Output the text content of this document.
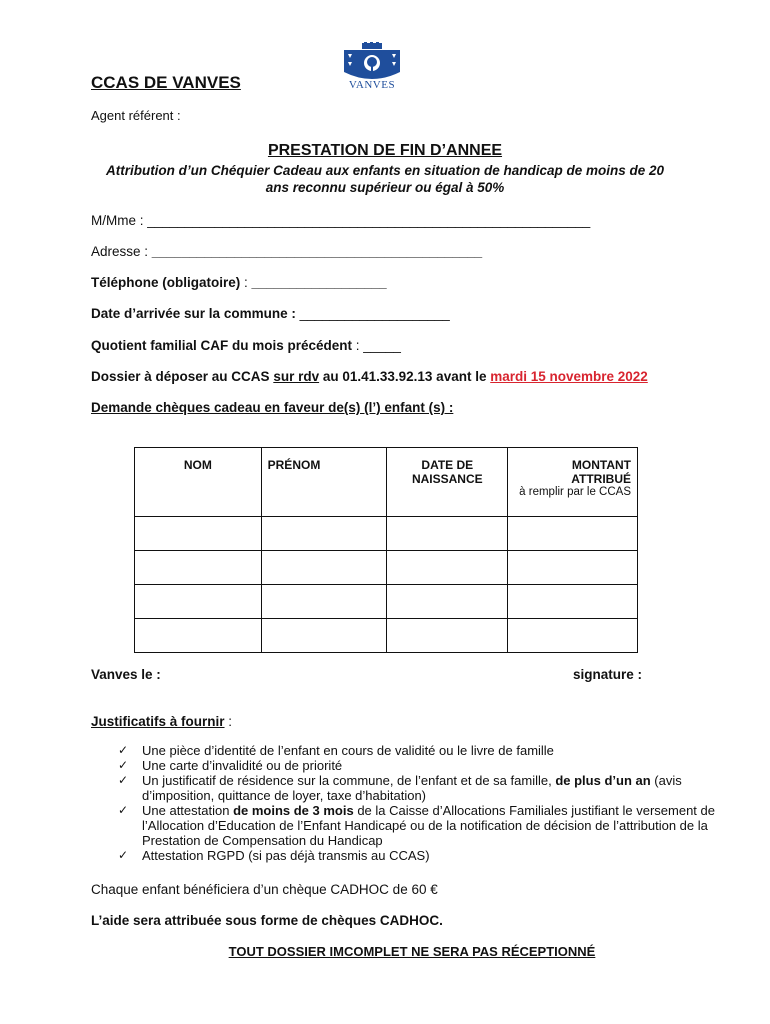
CCAS DE VANVES	VANVES
Agent référent :
PRESTATION DE FIN D’ANNEE
Attribution d’un Chéquier Cadeau aux enfants en situation de handicap de moins de 20 ans reconnu supérieur ou égal à 50%
M/Mme : ___________________________________________________________
Adresse : ____________________________________________
Téléphone (obligatoire) : __________________
Date d’arrivée sur la commune : ____________________
Quotient familial CAF du mois précédent : _____
Dossier à déposer au CCAS sur rdv au 01.41.33.92.13 avant le mardi 15 novembre 2022
Demande chèques cadeau en faveur de(s) (l’) enfant (s) :
NOM	PRÉNOM	DATE DE NAISSANCE	MONTANT ATTRIBUÉ
à remplir par le CCAS

Vanves le :	signature :
Justificatifs à fournir :
✓ Une pièce d’identité de l’enfant en cours de validité ou le livre de famille
✓ Une carte d’invalidité ou de priorité
✓ Un justificatif de résidence sur la commune, de l’enfant et de sa famille, de plus d’un an (avis d’imposition, quittance de loyer, taxe d’habitation)
✓ Une attestation de moins de 3 mois de la Caisse d’Allocations Familiales justifiant le versement de l’Allocation d’Education de l’Enfant Handicapé ou de la notification de décision de l’attribution de la Prestation de Compensation du Handicap
✓ Attestation RGPD (si pas déjà transmis au CCAS)
Chaque enfant bénéficiera d’un chèque CADHOC de 60 €
L’aide sera attribuée sous forme de chèques CADHOC.
TOUT DOSSIER IMCOMPLET NE SERA PAS RÉCEPTIONNÉ
